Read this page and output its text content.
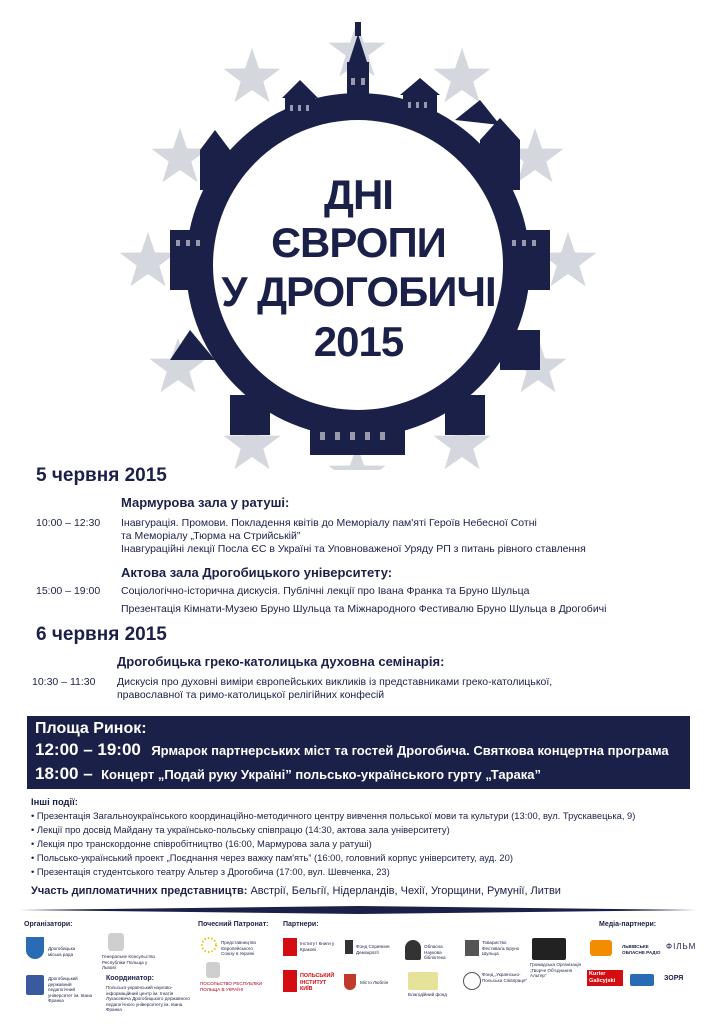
ДНІ
ЄВРОПИ
У ДРОГОБИЧІ
2015
5 червня 2015
Мармурова зала у ратуші:
10:00 – 12:30 Інавгурація. Промови. Покладення квітів до Меморіалу пам'яті Героїв Небесної Сотні
та Меморіалу „Тюрма на Стрийській”
Інавгураційні лекції Посла ЄС в Україні та Уповноваженої Уряду РП з питань рівного ставлення
Актова зала Дрогобицького університету:
15:00 – 19:00 Соціологічно-історична дискусія. Публічні лекції про Івана Франка та Бруно Шульца
Презентація Кімнати-Музею Бруно Шульца та Міжнародного Фестивалю Бруно Шульца в Дрогобичі
6 червня 2015
Дрогобицька греко-католицька духовна семінарія:
10:30 – 11:30 Дискусія про духовні виміри європейських викликів із представниками греко-католицької,
православної та римо-католицької релігійних конфесій
Площа Ринок:
12:00 – 19:00 Ярмарок партнерських міст та гостей Дрогобича. Святкова концертна програма
18:00 – Концерт „Подай руку Україні” польсько-українського гурту „Тарака”
Інші події:
• Презентація Загальноукраїнського координаційно-методичного центру вивчення польської мови та культури (13:00, вул. Трускавецька, 9)
• Лекції про досвід Майдану та українсько-польську співпрацю (14:30, актова зала університету)
• Лекція про транскордонне співробітництво (16:00, Мармурова зала у ратуші)
• Польсько-український проект „Поєднання через важку пам'ять” (16:00, головний корпус університету, ауд. 20)
• Презентація студентського театру Альтер з Дрогобича (17:00, вул. Шевченка, 23)
Участь дипломатичних представництв: Австрії, Бельгії, Нідерландів, Чехії, Угорщини, Румунії, Литви
Організатори:
Дрогобицька міська рада	Генеральне Консульство Республіки Польща у Львові
Дрогобицький державний педагогічний університет ім. Івана Франка
Координатор:
Польсько-український науково-інформаційний центр ім. Ігнатія Лукасевича Дрогобицького державного педагогічного університету ім. Івана Франка
Почесний Патронат:
Представництво Європейського Союзу в Україні
ПОСОЛЬСТВО РЕСПУБЛІКИ ПОЛЬЩА В УКРАЇНІ
Партнери:
Інститут Книги у Кракові
ПОЛЬСЬКИЙ ІНСТИТУТ КИЇВ
Фонд Сприяння Демократії
Місто Люблін
Обласна Наукова бібліотека
Благодійний фонд
Товариство Фестиваль Бруно Шульца
Фонд „Українсько-Польська Співпраця”
Громадська Організація „Творче Об'єднання Альтер”
Медіа-партнери:
ЛЬВІВСЬКЕ ОБЛАСНЕ РАДІО
ФІЛЬМ
Kurier Galicyjski	ЗОРЯ
